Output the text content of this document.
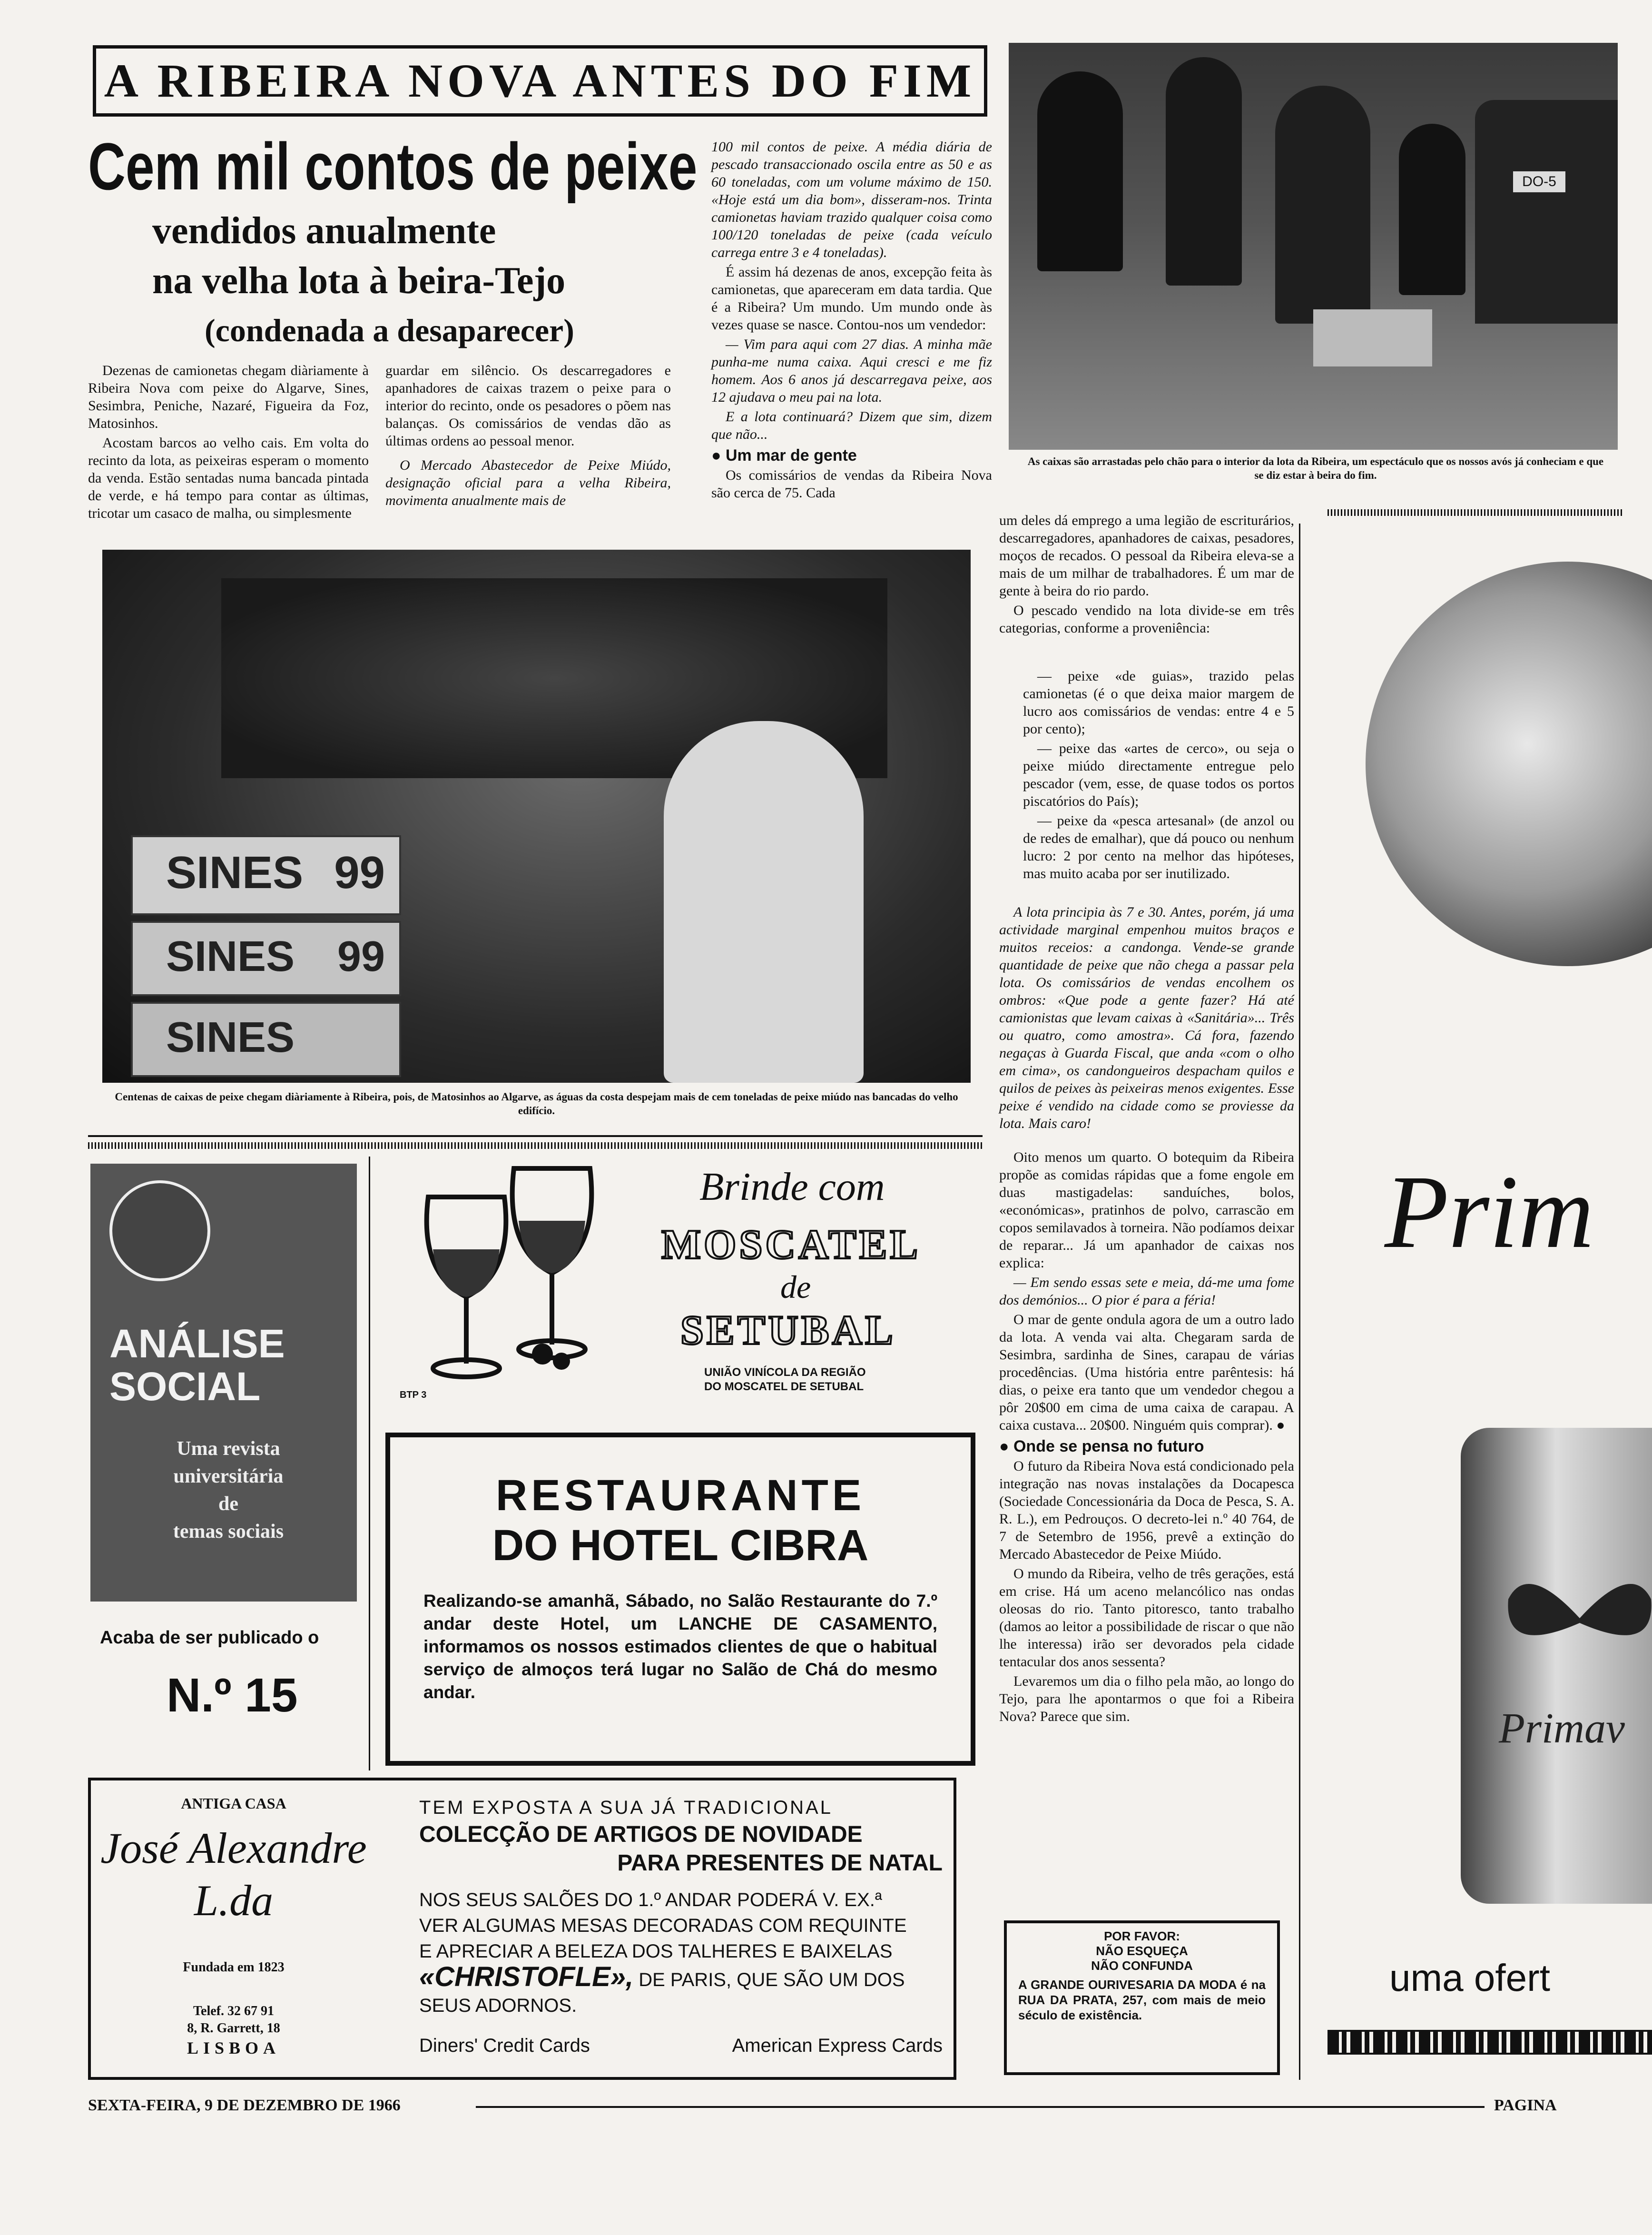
A RIBEIRA NOVA ANTES DO FIM
Cem mil contos de peixe
vendidos anualmente
na velha lota à beira-Tejo
(condenada a desaparecer)

Dezenas de camionetas chegam diàriamente à Ribeira Nova com peixe do Algarve, Sines, Sesimbra, Peniche, Nazaré, Figueira da Foz, Matosinhos.

Acostam barcos ao velho cais. Em volta do recinto da lota, as peixeiras esperam o momento da venda. Estão sentadas numa bancada pintada de verde, e há tempo para contar as últimas, tricotar um casaco de malha, ou simplesmente

guardar em silêncio. Os descarregadores e apanhadores de caixas trazem o peixe para o interior do recinto, onde os pesadores o põem nas balanças. Os comissários de vendas dão as últimas ordens ao pessoal menor.

O Mercado Abastecedor de Peixe Miúdo, designação oficial para a velha Ribeira, movimenta anualmente mais de

100 mil contos de peixe. A média diária de pescado transaccionado oscila entre as 50 e as 60 toneladas, com um volume máximo de 150. «Hoje está um dia bom», disseram-nos. Trinta camionetas haviam trazido qualquer coisa como 100/120 toneladas de peixe (cada veículo carrega entre 3 e 4 toneladas).

É assim há dezenas de anos, excepção feita às camionetas, que apareceram em data tardia. Que é a Ribeira? Um mundo. Um mundo onde às vezes quase se nasce. Contou-nos um vendedor:

— Vim para aqui com 27 dias. A minha mãe punha-me numa caixa. Aqui cresci e me fiz homem. Aos 6 anos já descarregava peixe, aos 12 ajudava o meu pai na lota.

E a lota continuará? Dizem que sim, dizem que não...

● Um mar de gente

Os comissários de vendas da Ribeira Nova são cerca de 75. Cada

DO-5
As caixas são arrastadas pelo chão para o interior da lota da Ribeira, um espectáculo que os nossos avós já conheciam e que se diz estar à beira do fim.
SINES 99
SINES 99
SINES
Centenas de caixas de peixe chegam diàriamente à Ribeira, pois, de Matosinhos ao Algarve, as águas da costa despejam mais de cem toneladas de peixe miúdo nas bancadas do velho edifício.

um deles dá emprego a uma legião de escriturários, descarregadores, apanhadores de caixas, pesadores, moços de recados. O pessoal da Ribeira eleva-se a mais de um milhar de trabalhadores. É um mar de gente à beira do rio pardo.

O pescado vendido na lota divide-se em três categorias, conforme a proveniência:

— peixe «de guias», trazido pelas camionetas (é o que deixa maior margem de lucro aos comissários de vendas: entre 4 e 5 por cento);

— peixe das «artes de cerco», ou seja o peixe miúdo directamente entregue pelo pescador (vem, esse, de quase todos os portos piscatórios do País);

— peixe da «pesca artesanal» (de anzol ou de redes de emalhar), que dá pouco ou nenhum lucro: 2 por cento na melhor das hipóteses, mas muito acaba por ser inutilizado.

A lota principia às 7 e 30. Antes, porém, já uma actividade marginal empenhou muitos braços e muitos receios: a candonga. Vende-se grande quantidade de peixe que não chega a passar pela lota. Os comissários de vendas encolhem os ombros: «Que pode a gente fazer? Há até camionistas que levam caixas à «Sanitária»... Três ou quatro, como amostra». Cá fora, fazendo negaças à Guarda Fiscal, que anda «com o olho em cima», os candongueiros despacham quilos e quilos de peixes às peixeiras menos exigentes. Esse peixe é vendido na cidade como se proviesse da lota. Mais caro!

Oito menos um quarto. O botequim da Ribeira propõe as comidas rápidas que a fome engole em duas mastigadelas: sanduíches, bolos, «económicas», pratinhos de polvo, carrascão em copos semilavados à torneira. Não podíamos deixar de reparar... Já um apanhador de caixas nos explica:

— Em sendo essas sete e meia, dá-me uma fome dos demónios... O pior é para a féria!

O mar de gente ondula agora de um a outro lado da lota. A venda vai alta. Chegaram sarda de Sesimbra, sardinha de Sines, carapau de várias procedências. (Uma história entre parêntesis: há dias, o peixe era tanto que um vendedor chegou a pôr 20$00 em cima de uma caixa de carapau. A caixa custava... 20$00. Ninguém quis comprar). ●

● Onde se pensa no futuro

O futuro da Ribeira Nova está condicionado pela integração nas novas instalações da Docapesca (Sociedade Concessionária da Doca de Pesca, S. A. R. L.), em Pedrouços. O decreto-lei n.º 40 764, de 7 de Setembro de 1956, prevê a extinção do Mercado Abastecedor de Peixe Miúdo.

O mundo da Ribeira, velho de três gerações, está em crise. Há um aceno melancólico nas ondas oleosas do rio. Tanto pitoresco, tanto trabalho (damos ao leitor a possibilidade de riscar o que não lhe interessa) irão ser devorados pela cidade tentacular dos anos sessenta?

Levaremos um dia o filho pela mão, ao longo do Tejo, para lhe apontarmos o que foi a Ribeira Nova? Parece que sim.

ANÁLISE
SOCIAL
Uma revista
universitária
de
temas sociais
Acaba de ser publicado o
N.º 15
BTP 3
Brinde com
MOSCATEL
de
SETUBAL
UNIÃO VINÍCOLA DA REGIÃO
DO MOSCATEL DE SETUBAL
RESTAURANTE
DO HOTEL CIBRA
Realizando-se amanhã, Sábado, no Salão Restaurante do 7.º andar deste Hotel, um LANCHE DE CASAMENTO, informamos os nossos estimados clientes de que o habitual serviço de almoços terá lugar no Salão de Chá do mesmo andar.
ANTIGA CASA
José Alexandre L.da
Fundada em 1823
Telef. 32 67 91
8, R. Garrett, 18
LISBOA
TEM EXPOSTA A SUA JÁ TRADICIONAL
COLECÇÃO DE ARTIGOS DE NOVIDADE
PARA PRESENTES DE NATAL
NOS SEUS SALÕES DO 1.º ANDAR PODERÁ V. EX.ª
VER ALGUMAS MESAS DECORADAS COM REQUINTE
E APRECIAR A BELEZA DOS TALHERES E BAIXELAS
«CHRISTOFLE», DE PARIS, QUE SÃO UM DOS
SEUS ADORNOS.
Diners' Credit Cards	American Express Cards
POR FAVOR:
NÃO ESQUEÇA
NÃO CONFUNDA
A GRANDE OURIVESARIA DA MODA é na RUA DA PRATA, 257, com mais de meio século de existência.
Prim
Primav
uma ofert
SEXTA-FEIRA, 9 DE DEZEMBRO DE 1966	PAGINA
